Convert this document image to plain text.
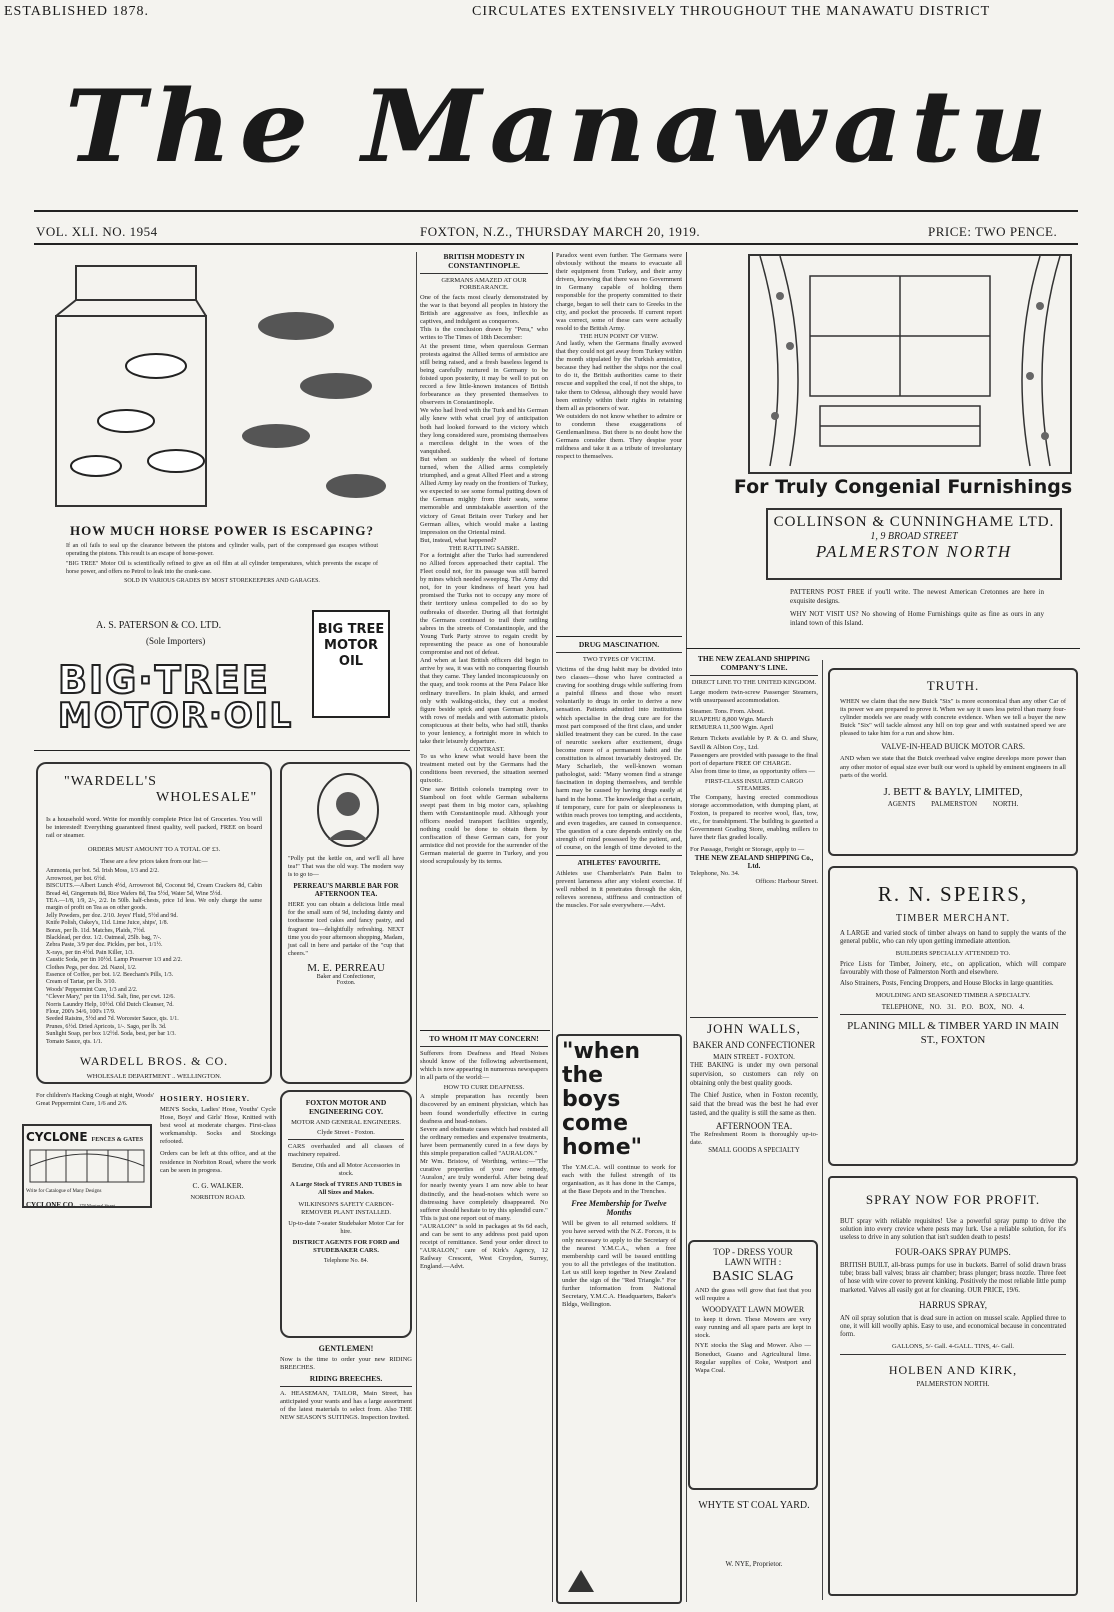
ESTABLISHED 1878.	CIRCULATES EXTENSIVELY THROUGHOUT THE MANAWATU DISTRICT
The Manawatu
VOL. XLI. NO. 1954	FOXTON, N.Z., THURSDAY MARCH 20, 1919.	PRICE: TWO PENCE.
HOW MUCH HORSE POWER IS ESCAPING?
If an oil fails to seal up the clearance between the pistons and cylinder walls, part of the compressed gas escapes without operating the pistons. This result is an escape of horse-power.
"BIG TREE" Motor Oil is scientifically refined to give an oil film at all cylinder temperatures, which prevents the escape of horse power, and offers no Petrol to leak into the crank-case.
SOLD IN VARIOUS GRADES BY MOST STOREKEEPERS AND GARAGES.
A. S. PATERSON & CO. LTD.
(Sole Importers)
BIG·TREE
MOTOR·OIL
BIG TREE MOTOR OIL
"WARDELL'S
WHOLESALE"
Is a household word. Write for monthly complete Price list of Groceries. You will be interested! Everything guaranteed finest quality, well packed, FREE on board rail or steamer.
ORDERS MUST AMOUNT TO A TOTAL OF £3.
These are a few prices taken from our list:—
Ammonia, per bot. 5d. Irish Moss, 1/3 and 2/2.
Arrowroot, per bot. 6½d.
BISCUITS.—Albert Lunch 4½d, Arrowroot 8d, Coconut 9d, Cream Crackers 8d, Cabin Bread 4d, Gingernuts 8d, Rice Wafers 8d, Tea 5½d, Water 5d, Wine 5½d.
TEA.—1/8, 1/9, 2/-, 2/2. In 50lb. half-chests, price 1d less. We only charge the same margin of profit on Tea as on other goods.
Jelly Powders, per doz. 2/10. Jeyes' Fluid, 5½d and 9d.
Knife Polish, Oakey's, 11d. Lime Juice, ships', 1/8.
Borax, per lb. 11d. Matches, Plaids, 7½d.
Blacklead, per doz. 1/2. Oatmeal, 25lb. bag, 7/-.
Zebra Paste, 3/9 per doz. Pickles, per bot., 1/1½.
X-rays, per tin 4½d. Pain Killer, 1/3.
Caustic Soda, per tin 10½d. Lamp Preserver 1/3 and 2/2.
Clothes Pegs, per doz. 2d. Nazol, 1/2.
Essence of Coffee, per bot. 1/2. Beecham's Pills, 1/3.
Cream of Tartar, per lb. 3/10.
Woods' Peppermint Cure, 1/3 and 2/2.
"Clever Mary," per tin 11½d. Salt, fine, per cwt. 12/6.
Norris Laundry Help, 10½d. Old Dutch Cleanser, 7d.
Flour, 200's 34/6, 100's 17/9.
Seeded Raisins, 5½d and 7d. Worcester Sauce, qts. 1/1.
Prunes, 6½d. Dried Apricots, 1/-. Sago, per lb. 3d.
Sunlight Soap, per box 1/2½d. Soda, best, per bar 1/3.
Tomato Sauce, qts. 1/1.
WARDELL BROS. & CO.
WHOLESALE DEPARTMENT .. WELLINGTON.
For children's Hacking Cough at night, Woods' Great Peppermint Cure, 1/6 and 2/6.
CYCLONE FENCES & GATES
Write for Catalogue of Many Designs
CYCLONE CO. 178 Montreal Street
"Polly put the kettle on, and we'll all have tea!" That was the old way. The modern way is to go to—
PERREAU'S MARBLE BAR FOR AFTERNOON TEA.
HERE you can obtain a delicious little meal for the small sum of 9d, including dainty and toothsome iced cakes and fancy pastry, and fragrant tea—delightfully refreshing. NEXT time you do your afternoon shopping, Madam, just call in here and partake of the "cup that cheers."
M. E. PERREAU
Baker and Confectioner,
Foxton.
FOXTON MOTOR AND ENGINEERING COY.
MOTOR AND GENERAL ENGINEERS.
Clyde Street - Foxton.
CARS overhauled and all classes of machinery repaired.
Benzine, Oils and all Motor Accessories in stock.
A Large Stock of TYRES AND TUBES in All Sizes and Makes.
WILKINSON'S SAFETY CARBON-REMOVER PLANT INSTALLED.
Up-to-date 7-seater Studebaker Motor Car for hire.
DISTRICT AGENTS FOR FORD and STUDEBAKER CARS.
Telephone No. 84.
HOSIERY. HOSIERY.
MEN'S Socks, Ladies' Hose, Youths' Cycle Hose, Boys' and Girls' Hose, Knitted with best wool at moderate charges. First-class workmanship. Socks and Stockings refooted.
Orders can be left at this office, and at the residence in Norbiton Road, where the work can be seen in progress.
C. G. WALKER.
NORBITON ROAD.
GENTLEMEN!
Now is the time to order your new RIDING BREECHES.
RIDING BREECHES.
A. HEASEMAN, TAILOR, Main Street, has anticipated your wants and has a large assortment of the latest materials to select from. Also THE NEW SEASON'S SUITINGS. Inspection Invited.
BRITISH MODESTY IN CONSTANTINOPLE.
GERMANS AMAZED AT OUR FORBEARANCE.
One of the facts most clearly demonstrated by the war is that beyond all peoples in history the British are aggressive as foes, inflexible as captives, and indulgent as conquerors.
This is the conclusion drawn by "Pera," who writes to The Times of 18th December:
At the present time, when querulous German protests against the Allied terms of armistice are still being raised, and a fresh baseless legend is being carefully nurtured in Germany to be foisted upon posterity, it may be well to put on record a few little-known instances of British forbearance as they presented themselves to observers in Constantinople.
We who had lived with the Turk and his German ally knew with what cruel joy of anticipation both had looked forward to the victory which they long considered sure, promising themselves a merciless delight in the woes of the vanquished.
But when so suddenly the wheel of fortune turned, when the Allied arms completely triumphed, and a great Allied Fleet and a strong Allied Army lay ready on the frontiers of Turkey, we expected to see some formal putting down of the German mighty from their seats, some memorable and unmistakable assertion of the victory of Great Britain over Turkey and her German allies, which would make a lasting impression on the Oriental mind.
But, instead, what happened?
THE RATTLING SABRE.
For a fortnight after the Turks had surrendered no Allied forces approached their capital. The Fleet could not, for its passage was still barred by mines which needed sweeping. The Army did not, for in your kindness of heart you had promised the Turks not to occupy any more of their territory unless compelled to do so by outbreaks of disorder. During all that fortnight the Germans continued to trail their rattling sabres in the streets of Constantinople, and the Young Turk Party strove to regain credit by representing the peace as one of honourable compromise and not of defeat.
And when at last British officers did begin to arrive by sea, it was with no conquering flourish that they came. They landed inconspicuously on the quay, and took rooms at the Pera Palace like ordinary travellers. In plain khaki, and armed only with walking-sticks, they cut a modest figure beside spick and span German Junkers, with rows of medals and with automatic pistols conspicuous at their belts, who had still, thanks to your leniency, a fortnight more in which to take their leisurely departure.
A CONTRAST.
To us who knew what would have been the treatment meted out by the Germans had the conditions been reversed, the situation seemed quixotic.
One saw British colonels tramping over to Stamboul on foot while German subalterns swept past them in big motor cars, splashing them with Constantinople mud. Although your officers needed transport facilities urgently, nothing could be done to obtain them by confiscation of these German cars, for your armistice did not provide for the surrender of the German material de guerre in Turkey, and you stood scrupulously by its terms.
TO WHOM IT MAY CONCERN!
Sufferers from Deafness and Head Noises should know of the following advertisement, which is now appearing in numerous newspapers in all parts of the world:—
HOW TO CURE DEAFNESS.
A simple preparation has recently been discovered by an eminent physician, which has been found wonderfully effective in curing deafness and head-noises.
Severe and obstinate cases which had resisted all the ordinary remedies and expensive treatments, have been permanently cured in a few days by this simple preparation called "AURALON."
Mr Wm. Bristow, of Worthing, writes:—"The curative properties of your new remedy, 'Auralon,' are truly wonderful. After being deaf for nearly twenty years I am now able to hear distinctly, and the head-noises which were so distressing have completely disappeared. No sufferer should hesitate to try this splendid cure."
This is just one report out of many.
"AURALON" is sold in packages at 9s 6d each, and can be sent to any address post paid upon receipt of remittance. Send your order direct to "AURALON," care of Kirk's Agency, 12 Railway Crescent, West Croydon, Surrey, England.—Advt.
Paradox went even further. The Germans were obviously without the means to evacuate all their equipment from Turkey, and their army drivers, knowing that there was no Government in Germany capable of holding them responsible for the property committed to their charge, began to sell their cars to Greeks in the city, and pocket the proceeds. If current report was correct, some of these cars were actually resold to the British Army.
THE HUN POINT OF VIEW.
And lastly, when the Germans finally avowed that they could not get away from Turkey within the month stipulated by the Turkish armistice, because they had neither the ships nor the coal to do it, the British authorities came to their rescue and supplied the coal, if not the ships, to take them to Odessa, although they would have been entirely within their rights in retaining them all as prisoners of war.
We outsiders do not know whether to admire or to condemn these exaggerations of Gentlemanliness. But there is no doubt how the Germans consider them. They despise your mildness and take it as a tribute of involuntary respect to themselves.
DRUG MASCINATION.
TWO TYPES OF VICTIM.
Victims of the drug habit may be divided into two classes—those who have contracted a craving for soothing drugs while suffering from a painful illness and those who resort voluntarily to drugs in order to derive a new sensation. Patients admitted into institutions which specialise in the drug cure are for the most part composed of the first class, and under skilled treatment they can be cured. In the case of neurotic seekers after excitement, drugs become more of a permanent habit and the constitution is almost invariably destroyed. Dr. Mary Scharlieb, the well-known woman pathologist, said: "Many women find a strange fascination in doping themselves, and terrible harm may be caused by having drugs easily at hand in the home. The knowledge that a certain, if temporary, cure for pain or sleeplessness is within reach proves too tempting, and accidents, and even tragedies, are caused in consequence. The question of a cure depends entirely on the strength of mind possessed by the patient, and, of course, on the length of time devoted to the
ATHLETES' FAVOURITE.
Athletes use Chamberlain's Pain Balm to prevent lameness after any violent exercise. If well rubbed in it penetrates through the skin, relieves soreness, stiffness and contraction of the muscles. For sale everywhere.—Advt.
"when the
boys come
home"
The Y.M.C.A. will continue to work for each with the fullest strength of its organisation, as it has done in the Camps, at the Base Depots and in the Trenches.
Free Membership for Twelve Months
Will be given to all returned soldiers. If you have served with the N.Z. Forces, it is only necessary to apply to the Secretary of the nearest Y.M.C.A., when a free membership card will be issued entitling you to all the privileges of the institution. Let us still keep together in New Zealand under the sign of the "Red Triangle." For further information from National Secretary, Y.M.C.A. Headquarters, Baker's Bldgs, Wellington.
For Truly Congenial Furnishings
COLLINSON & CUNNINGHAME LTD.
1, 9 BROAD STREET
PALMERSTON NORTH
PATTERNS POST FREE if you'll write. The newest American Cretonnes are here in exquisite designs.
WHY NOT VISIT US? No showing of Home Furnishings quite as fine as ours in any inland town of this Island.
THE NEW ZEALAND SHIPPING COMPANY'S LINE.
DIRECT LINE TO THE UNITED KINGDOM.
Large modern twin-screw Passenger Steamers, with unsurpassed accommodation.
Steamer. Tons. From. About.
RUAPEHU 8,800 Wgtn. March
REMUERA 11,500 Wgtn. April
Return Tickets available by P. & O. and Shaw, Savill & Albion Coy., Ltd.
Passengers are provided with passage to the final port of departure FREE OF CHARGE.
Also from time to time, as opportunity offers —
FIRST-CLASS INSULATED CARGO STEAMERS.
The Company, having erected commodious storage accommodation, with dumping plant, at Foxton, is prepared to receive wool, flax, tow, etc., for transhipment. The building is gazetted a Government Grading Store, enabling millers to have their flax graded locally.
For Passage, Freight or Storage, apply to —
THE NEW ZEALAND SHIPPING Co., Ltd.
Telephone, No. 34.
Offices: Harbour Street.
JOHN WALLS,
BAKER AND CONFECTIONER
MAIN STREET - FOXTON.
THE BAKING is under my own personal supervision, so customers can rely on obtaining only the best quality goods.
The Chief Justice, when in Foxton recently, said that the bread was the best he had ever tasted, and the quality is still the same as then.
AFTERNOON TEA.
The Refreshment Room is thoroughly up-to-date.
SMALL GOODS A SPECIALTY
TOP - DRESS YOUR
LAWN WITH :
BASIC SLAG
AND the grass will grow that fast that you will require a
WOODYATT LAWN MOWER
to keep it down. These Mowers are very easy running and all spare parts are kept in stock.
NYE stocks the Slag and Mower. Also — Boneduct, Guano and Agricultural lime. Regular supplies of Coke, Westport and Wapa Coal.
WHYTE ST COAL YARD.
W. NYE, Proprietor.
TRUTH.
WHEN we claim that the new Buick "Six" is more economical than any other Car of its power we are prepared to prove it. When we say it uses less petrol than many four-cylinder models we are ready with concrete evidence. When we tell a buyer the new Buick "Six" will tackle almost any hill on top gear and with sustained speed we are pleased to take him for a run and show him.
VALVE-IN-HEAD BUICK MOTOR CARS.
AND when we state that the Buick overhead valve engine develops more power than any other motor of equal size ever built our word is upheld by eminent engineers in all parts of the world.
J. BETT & BAYLY, LIMITED,
AGENTS PALMERSTON NORTH.
R. N. SPEIRS,
TIMBER MERCHANT.
A LARGE and varied stock of timber always on hand to supply the wants of the general public, who can rely upon getting immediate attention.
BUILDERS SPECIALLY ATTENDED TO.
Price Lists for Timber, Joinery, etc., on application, which will compare favourably with those of Palmerston North and elsewhere.
Also Strainers, Posts, Fencing Droppers, and House Blocks in large quantities.
MOULDING AND SEASONED TIMBER A SPECIALTY.
TELEPHONE, NO. 31. P.O. BOX, NO. 4.
PLANING MILL & TIMBER YARD IN MAIN ST., FOXTON
SPRAY NOW FOR PROFIT.
BUT spray with reliable requisites! Use a powerful spray pump to drive the solution into every crevice where pests may lurk. Use a reliable solution, for it's useless to drive in any solution that isn't sudden death to pests!
FOUR-OAKS SPRAY PUMPS.
BRITISH BUILT, all-brass pumps for use in buckets. Barrel of solid drawn brass tube; brass ball valves; brass air chamber; brass plunger; brass nozzle. Three feet of hose with wire cover to prevent kinking. Positively the most reliable little pump marketed. Valves all easily got at for cleaning. OUR PRICE, 19/6.
HARRUS SPRAY,
AN oil spray solution that is dead sure in action on mussel scale. Applied three to one, it will kill woolly aphis. Easy to use, and economical because in concentrated form.
GALLONS, 5/- Gall. 4-GALL. TINS, 4/- Gall.
HOLBEN AND KIRK,
PALMERSTON NORTH.
